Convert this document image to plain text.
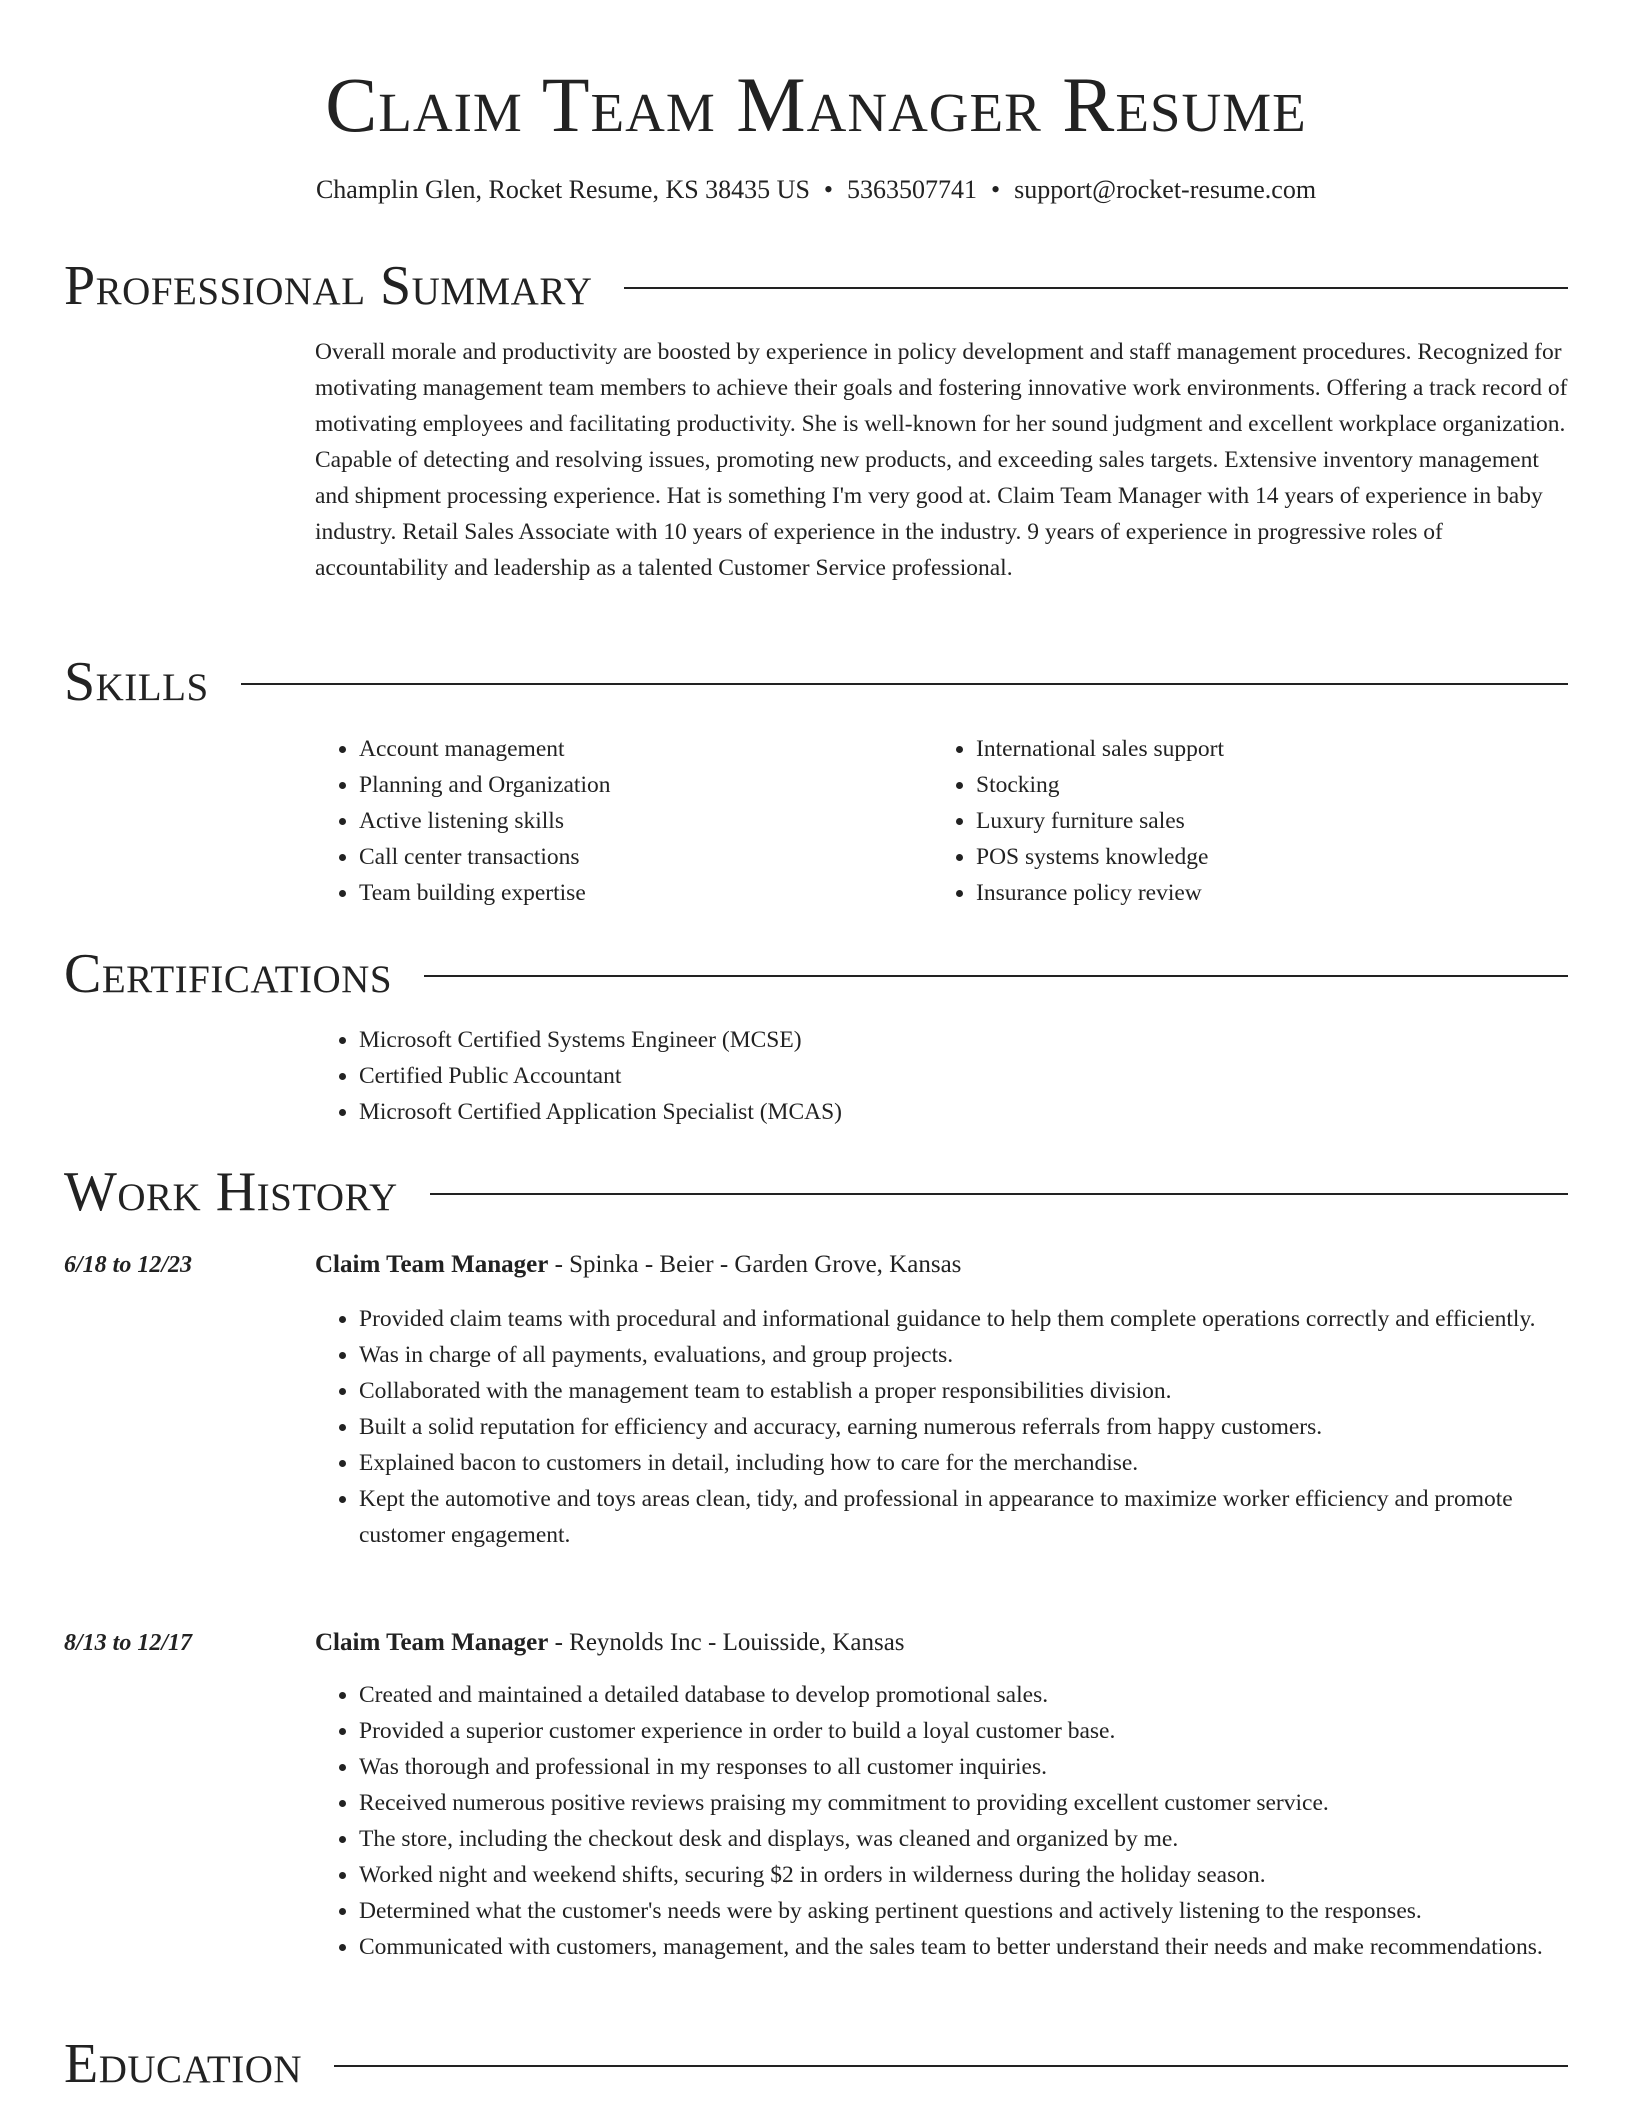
Claim Team Manager Resume
Champlin Glen, Rocket Resume, KS 38435 US • 5363507741 • support@rocket-resume.com
Professional Summary

Overall morale and productivity are boosted by experience in policy development and staff management procedures. Recognized for motivating management team members to achieve their goals and fostering innovative work environments. Offering a track record of motivating employees and facilitating productivity. She is well-known for her sound judgment and excellent workplace organization. Capable of detecting and resolving issues, promoting new products, and exceeding sales targets. Extensive inventory management and shipment processing experience. Hat is something I'm very good at. Claim Team Manager with 14 years of experience in baby industry. Retail Sales Associate with 10 years of experience in the industry. 9 years of experience in progressive roles of accountability and leadership as a talented Customer Service professional.

Skills
• Account management
• Planning and Organization
• Active listening skills
• Call center transactions
• Team building expertise
• International sales support
• Stocking
• Luxury furniture sales
• POS systems knowledge
• Insurance policy review
Certifications
• Microsoft Certified Systems Engineer (MCSE)
• Certified Public Accountant
• Microsoft Certified Application Specialist (MCAS)
Work History
6/18 to 12/23	Claim Team Manager - Spinka - Beier - Garden Grove, Kansas
• Provided claim teams with procedural and informational guidance to help them complete operations correctly and efficiently.
• Was in charge of all payments, evaluations, and group projects.
• Collaborated with the management team to establish a proper responsibilities division.
• Built a solid reputation for efficiency and accuracy, earning numerous referrals from happy customers.
• Explained bacon to customers in detail, including how to care for the merchandise.
• Kept the automotive and toys areas clean, tidy, and professional in appearance to maximize worker efficiency and promote customer engagement.
8/13 to 12/17	Claim Team Manager - Reynolds Inc - Louisside, Kansas
• Created and maintained a detailed database to develop promotional sales.
• Provided a superior customer experience in order to build a loyal customer base.
• Was thorough and professional in my responses to all customer inquiries.
• Received numerous positive reviews praising my commitment to providing excellent customer service.
• The store, including the checkout desk and displays, was cleaned and organized by me.
• Worked night and weekend shifts, securing $2 in orders in wilderness during the holiday season.
• Determined what the customer's needs were by asking pertinent questions and actively listening to the responses.
• Communicated with customers, management, and the sales team to better understand their needs and make recommendations.
Education
